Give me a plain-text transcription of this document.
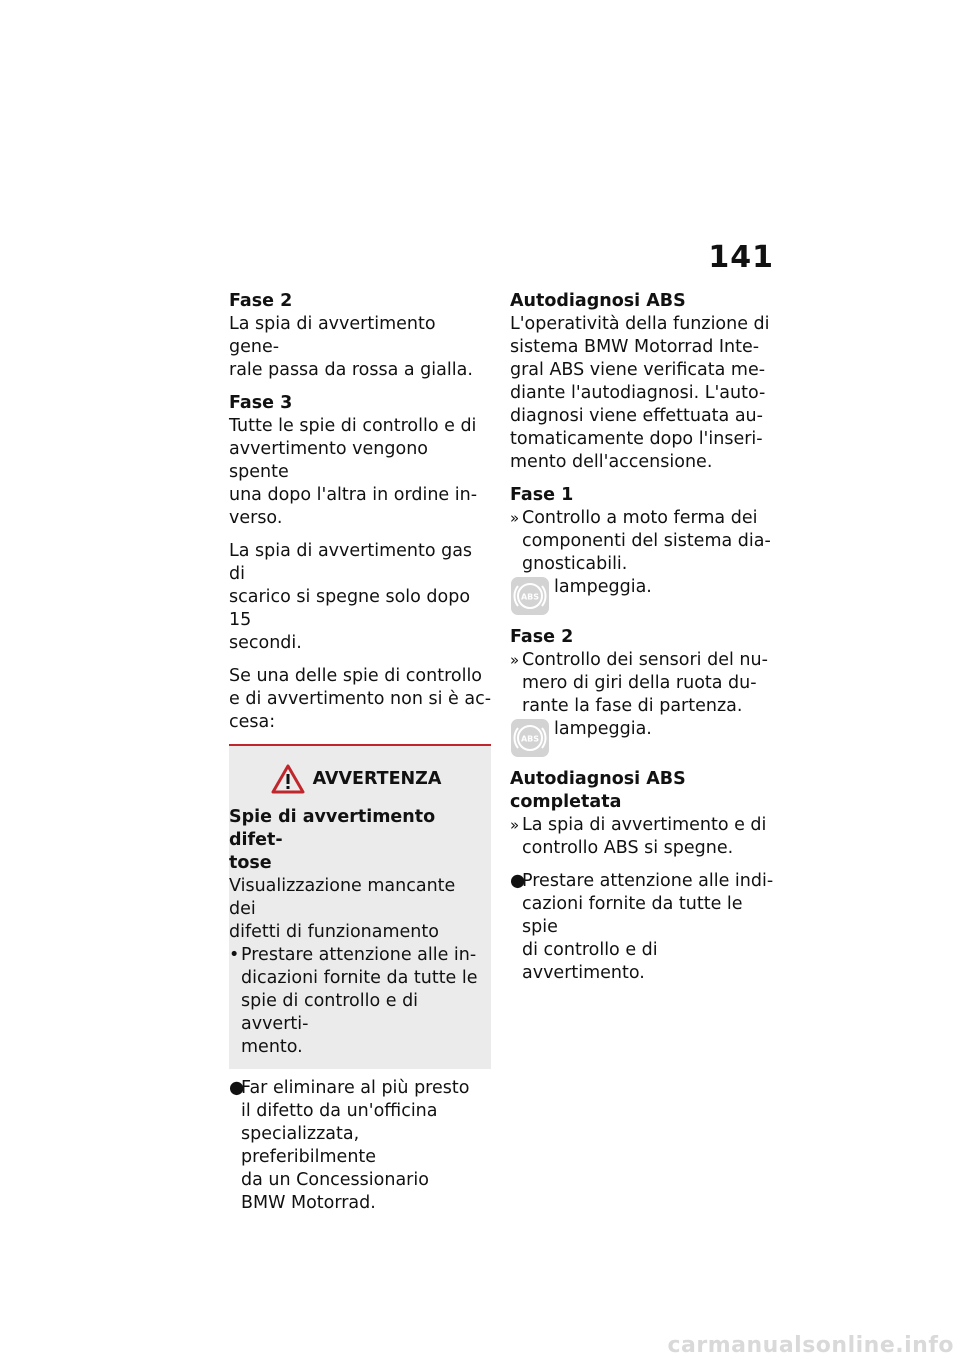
141

Fase 2

La spia di avvertimento gene-
rale passa da rossa a gialla.

Fase 3

Tutte le spie di controllo e di
avvertimento vengono spente
una dopo l'altra in ordine in-
verso.

La spia di avvertimento gas di
scarico si spegne solo dopo 15
secondi.

Se una delle spie di controllo
e di avvertimento non si è ac-
cesa:

AVVERTENZA

Spie di avvertimento difet-
tose

Visualizzazione mancante dei
difetti di funzionamento

• Prestare attenzione alle in-
dicazioni fornite da tutte le
spie di controllo e di avverti-
mento.
●
Far eliminare al più presto
il difetto da un'officina
specializzata, preferibilmente
da un Concessionario
BMW Motorrad.

Autodiagnosi ABS

L'operatività della funzione di
sistema BMW Motorrad Inte-
gral ABS viene verificata me-
diante l'autodiagnosi. L'auto-
diagnosi viene effettuata au-
tomaticamente dopo l'inseri-
mento dell'accensione.

Fase 1

» Controllo a moto ferma dei
componenti del sistema dia-
gnosticabili.
ABS lampeggia.

Fase 2

» Controllo dei sensori del nu-
mero di giri della ruota du-
rante la fase di partenza.
ABS lampeggia.

Autodiagnosi ABS completata

» La spia di avvertimento e di
controllo ABS si spegne.
●
Prestare attenzione alle indi-
cazioni fornite da tutte le spie
di controllo e di avvertimento.
carmanualsonline.info
